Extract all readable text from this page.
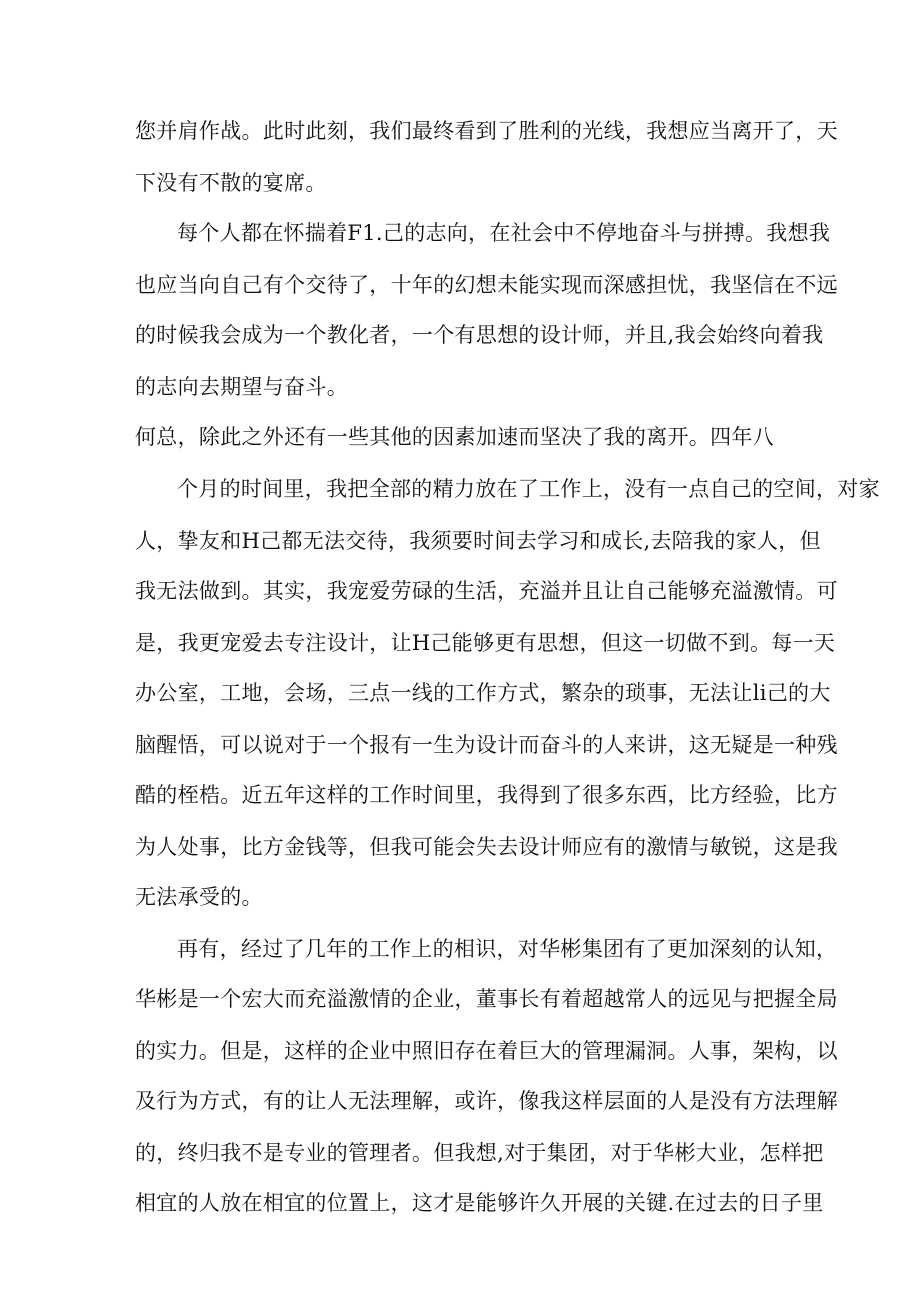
您并肩作战。此时此刻，我们最终看到了胜利的光线，我想应当离开了，天
下没有不散的宴席。
每个人都在怀揣着F1.己的志向，在社会中不停地奋斗与拼搏。我想我
也应当向自己有个交待了，十年的幻想未能实现而深感担忧，我坚信在不远
的时候我会成为一个教化者，一个有思想的设计师，并且,我会始终向着我
的志向去期望与奋斗。
何总，除此之外还有一些其他的因素加速而坚决了我的离开。四年八
个月的时间里，我把全部的精力放在了工作上，没有一点自己的空间，对家
人，挚友和H己都无法交待，我须要时间去学习和成长,去陪我的家人，但
我无法做到。其实，我宠爱劳碌的生活，充溢并且让自己能够充溢激情。可
是，我更宠爱去专注设计，让H己能够更有思想，但这一切做不到。每一天
办公室，工地，会场，三点一线的工作方式，繁杂的琐事，无法让li己的大
脑醒悟，可以说对于一个报有一生为设计而奋斗的人来讲，这无疑是一种残
酷的桎梏。近五年这样的工作时间里，我得到了很多东西，比方经验，比方
为人处事，比方金钱等，但我可能会失去设计师应有的激情与敏锐，这是我
无法承受的。
再有，经过了几年的工作上的相识，对华彬集团有了更加深刻的认知，
华彬是一个宏大而充溢激情的企业，董事长有着超越常人的远见与把握全局
的实力。但是，这样的企业中照旧存在着巨大的管理漏洞。人事，架构，以
及行为方式，有的让人无法理解，或许，像我这样层面的人是没有方法理解
的，终归我不是专业的管理者。但我想,对于集团，对于华彬大业，怎样把
相宜的人放在相宜的位置上，这才是能够许久开展的关键.在过去的日子里
